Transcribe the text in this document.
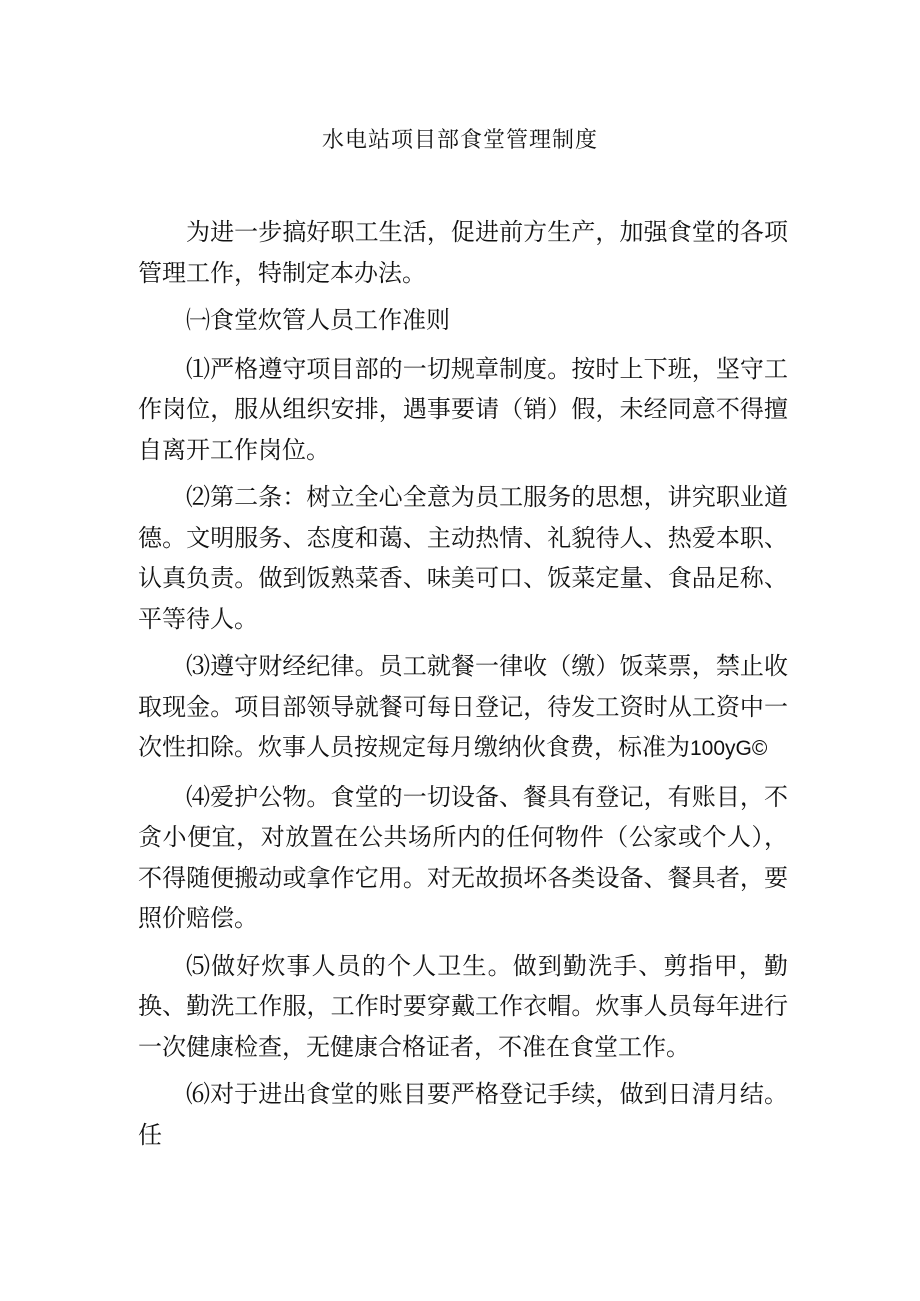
水电站项目部食堂管理制度

为进一步搞好职工生活，促进前方生产，加强食堂的各项管理工作，特制定本办法。

㈠食堂炊管人员工作准则

⑴严格遵守项目部的一切规章制度。按时上下班，坚守工作岗位，服从组织安排，遇事要请（销）假，未经同意不得擅自离开工作岗位。

⑵第二条：树立全心全意为员工服务的思想，讲究职业道德。文明服务、态度和蔼、主动热情、礼貌待人、热爱本职、认真负责。做到饭熟菜香、味美可口、饭菜定量、食品足称、平等待人。

⑶遵守财经纪律。员工就餐一律收（缴）饭菜票，禁止收取现金。项目部领导就餐可每日登记，待发工资时从工资中一次性扣除。炊事人员按规定每月缴纳伙食费，标准为100yG©

⑷爱护公物。食堂的一切设备、餐具有登记，有账目，不贪小便宜，对放置在公共场所内的任何物件（公家或个人），不得随便搬动或拿作它用。对无故损坏各类设备、餐具者，要照价赔偿。

⑸做好炊事人员的个人卫生。做到勤洗手、剪指甲，勤换、勤洗工作服，工作时要穿戴工作衣帽。炊事人员每年进行一次健康检查，无健康合格证者，不准在食堂工作。

⑹对于进出食堂的账目要严格登记手续，做到日清月结。任
